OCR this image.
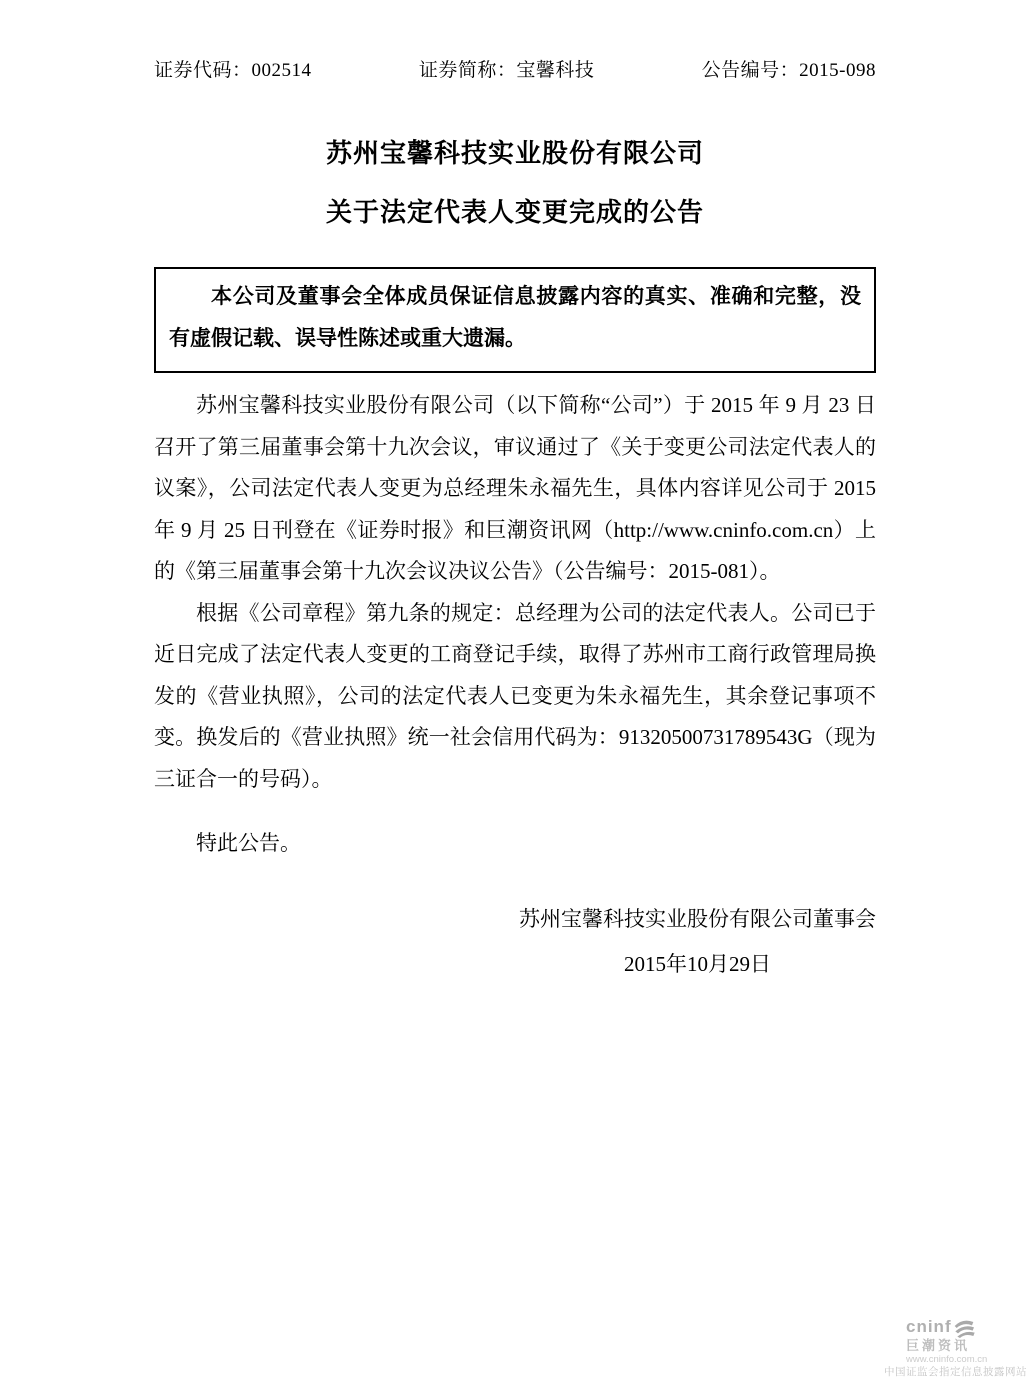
证券代码：002514	证券简称：宝馨科技	公告编号：2015-098
苏州宝馨科技实业股份有限公司
关于法定代表人变更完成的公告

本公司及董事会全体成员保证信息披露内容的真实、准确和完整，没有虚假记载、误导性陈述或重大遗漏。

苏州宝馨科技实业股份有限公司（以下简称“公司”）于 2015 年 9 月 23 日召开了第三届董事会第十九次会议，审议通过了《关于变更公司法定代表人的议案》，公司法定代表人变更为总经理朱永福先生，具体内容详见公司于 2015 年 9 月 25 日刊登在《证券时报》和巨潮资讯网（http://www.cninfo.com.cn）上的《第三届董事会第十九次会议决议公告》（公告编号：2015-081）。

根据《公司章程》第九条的规定：总经理为公司的法定代表人。公司已于近日完成了法定代表人变更的工商登记手续，取得了苏州市工商行政管理局换发的《营业执照》，公司的法定代表人已变更为朱永福先生，其余登记事项不变。换发后的《营业执照》统一社会信用代码为：91320500731789543G（现为三证合一的号码）。

特此公告。

苏州宝馨科技实业股份有限公司董事会
2015年10月29日
cninf
巨潮资讯
www.cninfo.com.cn
中国证监会指定信息披露网站
